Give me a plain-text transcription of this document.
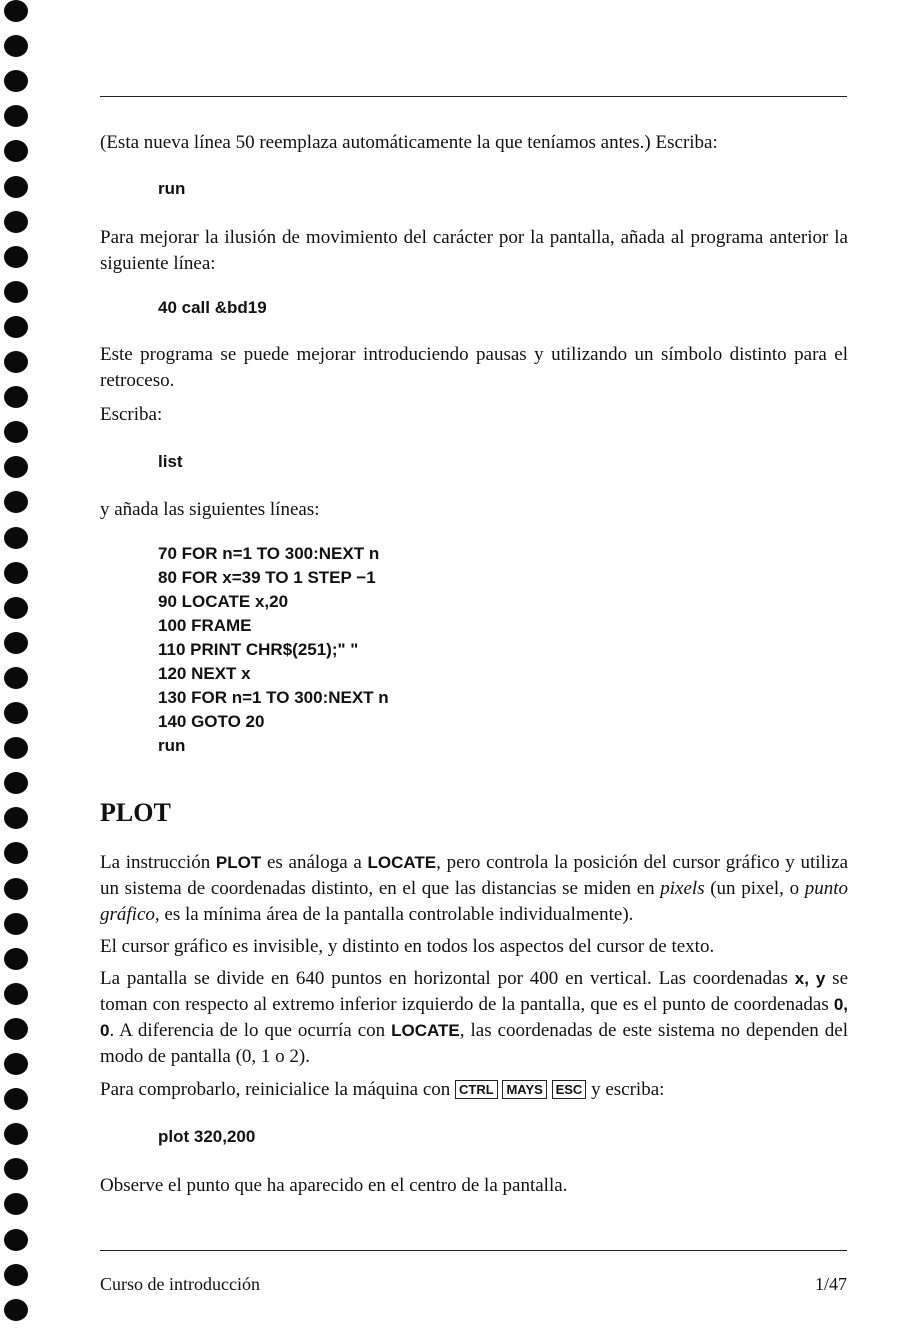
(Esta nueva línea 50 reemplaza automáticamente la que teníamos antes.) Escriba:

run

Para mejorar la ilusión de movimiento del carácter por la pantalla, añada al programa anterior la siguiente línea:

40 call &bd19

Este programa se puede mejorar introduciendo pausas y utilizando un símbolo distinto para el retroceso.

Escriba:

list

y añada las siguientes líneas:

70 FOR n=1 TO 300:NEXT n
80 FOR x=39 TO 1 STEP −1
90 LOCATE x,20
100 FRAME
110 PRINT CHR$(251);" "
120 NEXT x
130 FOR n=1 TO 300:NEXT n
140 GOTO 20
run
PLOT

La instrucción PLOT es análoga a LOCATE, pero controla la posición del cursor gráfico y utiliza un sistema de coordenadas distinto, en el que las distancias se miden en pixels (un pixel, o punto gráfico, es la mínima área de la pantalla controlable individualmente).

El cursor gráfico es invisible, y distinto en todos los aspectos del cursor de texto.

La pantalla se divide en 640 puntos en horizontal por 400 en vertical. Las coordenadas x, y se toman con respecto al extremo inferior izquierdo de la pantalla, que es el punto de coordenadas 0, 0. A diferencia de lo que ocurría con LOCATE, las coordenadas de este sistema no dependen del modo de pantalla (0, 1 o 2).

Para comprobarlo, reinicialice la máquina con CTRL MAYS ESC y escriba:

plot 320,200

Observe el punto que ha aparecido en el centro de la pantalla.

Curso de introducción	1/47
